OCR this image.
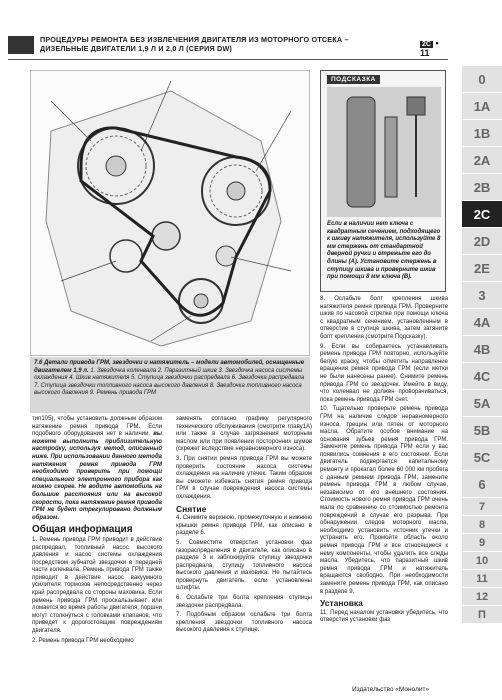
ПРОЦЕДУРЫ РЕМОНТА БЕЗ ИЗВЛЕЧЕНИЯ ДВИГАТЕЛЯ ИЗ МОТОРНОГО ОТСЕКА – ДИЗЕЛЬНЫЕ ДВИГАТЕЛИ 1,9 Л И 2,0 Л (СЕРИЯ DW)	2C • 11
7.6 Детали привода ГРМ, звездочки и натяжитель – модели автомобилей, оснащенные двигателем 1,9 л. 1. Звездочка коленвала 2. Паразитный шкив 3. Звездочка насоса системы охлаждения 4. Шкив натяжителя 5. Ступица звездочки распредвала 6. Звездочка распредвала 7. Ступица звездочки топливного насоса высокого давления 8. Звездочка топливного насоса высокого давления 9. Ремень привода ГРМ
ПОДСКАЗКА
Если в наличии нет ключа с квадратным сечением, подходящего к шкиву натяжителя, используйте 8 мм стержень от стандартной дверной ручки и отрежьте его до длины (А). Установите стержень в ступицу шкива и проверните шкив при помощи 8 мм ключа (В).

тип105), чтобы установить должным образом натяжение ремня привода ГРМ. Если подобного оборудования нет в наличии, вы можете выполнить приблизительную настройку, используя метод, описанный ниже. При использовании данного метода натяжения ремня привода ГРМ необходимо проверить при помощи специального электронного прибора как можно скорее. Не водите автомобиль на большие расстояния или на высокой скорости, пока натяжение ремня привода ГРМ не будет отрегулировано должным образом.

Общая информация

1. Ремень привода ГРМ приводит в действие распредвал, топливный насос высокого давления и насос системы охлаждения посредством зубчатой звездочки в передней части коленвала. Ремень привода ГРМ также приводит в действие насос вакуумного усилителя тормозов непосредственно через край распредвала со стороны маховика. Если ремень привода ГРМ проскальзывает или ломается во время работы двигателя, поршни могут столкнуться с головками клапанов, что приведет к дорогостоящим повреждениям двигателя.

2. Ремень привода ГРМ необходимо

заменять согласно графику регулярного технического обслуживания (смотрите главу1А) или также в случае загрязнения моторным маслом или при появлении посторонних шумов (скрежет вследствие неравномерного износа).

3. При снятии ремня привода ГРМ вы можете проверить состояние насоса системы охлаждения на наличие утечек. Таким образом вы сможете избежать снятия ремня привода ГРМ в случае повреждения насоса системы охлаждения.

Снятие

4. Снимите верхнюю, промежуточную и нижнюю крышки ремня привода ГРМ, как описано в разделе 6.

5. Совместите отверстия установки фаз газораспределения в двигателе, как описано в разделе 3 и заблокируйте ступицу звездочки распредвала, ступицу топливного насоса высокого давления и маховика. Не пытайтесь провернуть двигатель, если установлены штифты.

6. Ослабьте три болта крепления ступицы звездочки распредвала.

7. Подобным образом ослабьте три болта крепления звездочки топливного насоса высокого давления к ступице.

8. Ослабьте болт крепления шкива натяжителя ремня привода ГРМ. Проверните шкив по часовой стрелке при помощи ключа с квадратным сечением, установленным в отверстие в ступице шкива, затем затяните болт крепления (смотрите Подсказку).

9. Если вы собираетесь устанавливать ремень привода ГРМ повторно, используйте белую краску, чтобы отметить направление вращения ремня привода ГРМ (если метки не были нанесены ранее). Снимите ремень привода ГРМ со звездочек. Имейте в виду, что коленвал не должен проворачиваться, пока ремень привода ГРМ снят.

10. Тщательно проверьте ремень привода ГРМ на наличие следов неравномерного износа, трещин или пятен от моторного масла. Обратите особое внимание на основания зубьев ремня привода ГРМ. Замените ремень привода ГРМ если у вас появились сомнения в его состоянии. Если двигатель подвергается капитальному ремонту и прокатал более 60 000 км пробега с данным ремнем привода ГРМ, замените ремень привода ГРМ в любом случае, независимо от его внешнего состояния. Стоимость нового ремня привода ГРМ очень мала по сравнению со стоимостью ремонта повреждений в случае его разрыва. При обнаружении следов моторного масла, необходимо установить источник утечки и устранить его. Промойте область около ремня привода ГРМ и все относящиеся к нему компоненты, чтобы удалить все следы масла. Убедитесь, что паразитный шкив ремня привода ГРМ и натяжитель вращаются свободно. При необходимости замените ремень привода ГРМ, как описано в разделе 9.

Установка

11. Перед началом установки убедитесь, что отверстия установки фаз

0
1A
1B
2A
2B
2C
2D
2E
3
4A
4B
4C
5A
5B
5C
6
7
8
9
10
11
12
П
Издательство «Монолит»
